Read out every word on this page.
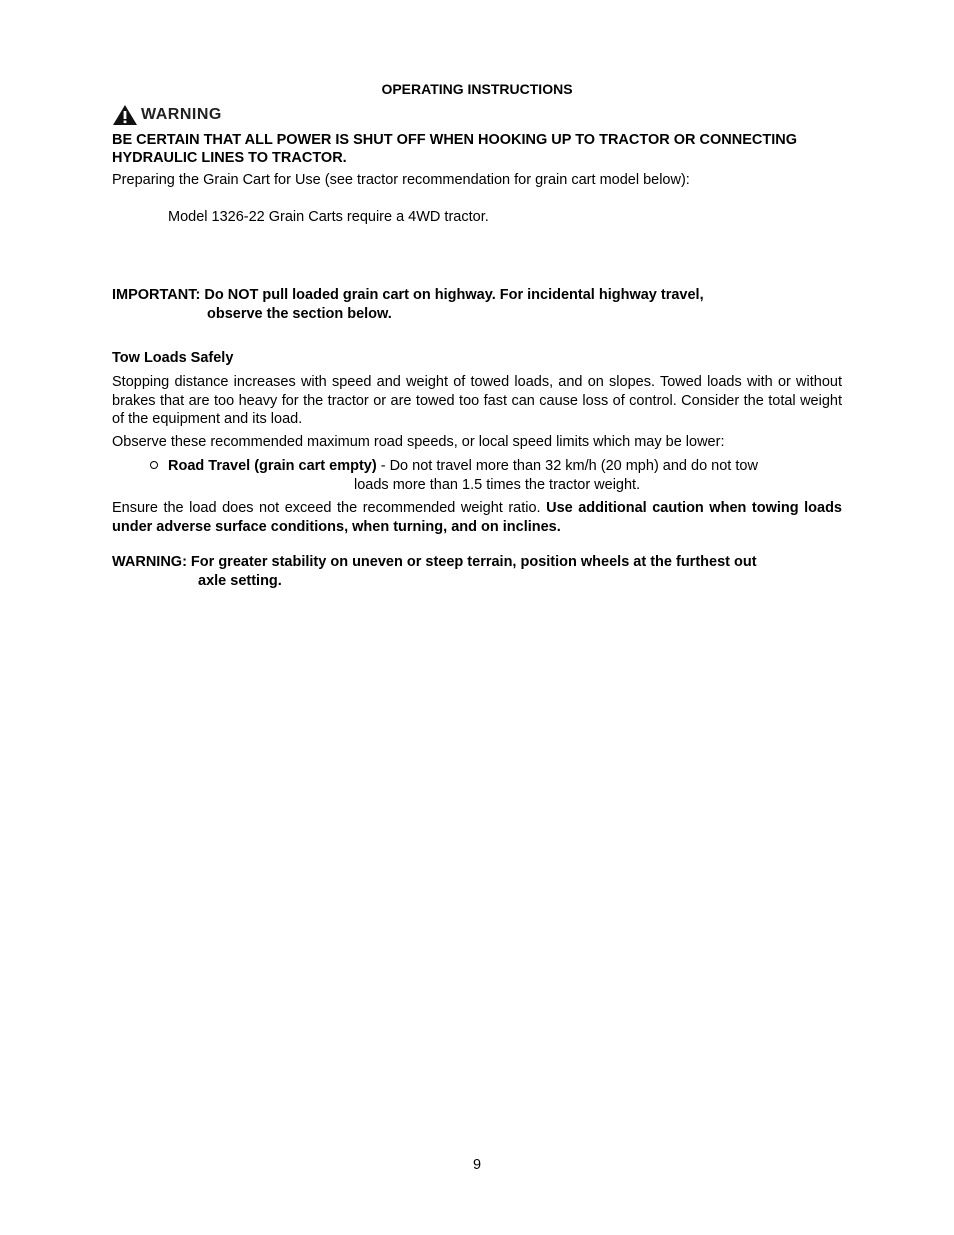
OPERATING INSTRUCTIONS
WARNING

BE CERTAIN THAT ALL POWER IS SHUT OFF WHEN HOOKING UP TO TRACTOR OR CONNECTING HYDRAULIC LINES TO TRACTOR.

Preparing the Grain Cart for Use (see tractor recommendation for grain cart model below):

Model 1326-22 Grain Carts require a 4WD tractor.

IMPORTANT: Do NOT pull loaded grain cart on highway. For incidental highway travel,
observe the section below.

Tow Loads Safely

Stopping distance increases with speed and weight of towed loads, and on slopes. Towed loads with or without brakes that are too heavy for the tractor or are towed too fast can cause loss of control. Consider the total weight of the equipment and its load.

Observe these recommended maximum road speeds, or local speed limits which may be lower:

Road Travel (grain cart empty) - Do not travel more than 32 km/h (20 mph) and do not tow
loads more than 1.5 times the tractor weight.

Ensure the load does not exceed the recommended weight ratio. Use additional caution when towing loads under adverse surface conditions, when turning, and on inclines.

WARNING: For greater stability on uneven or steep terrain, position wheels at the furthest out
axle setting.

9
